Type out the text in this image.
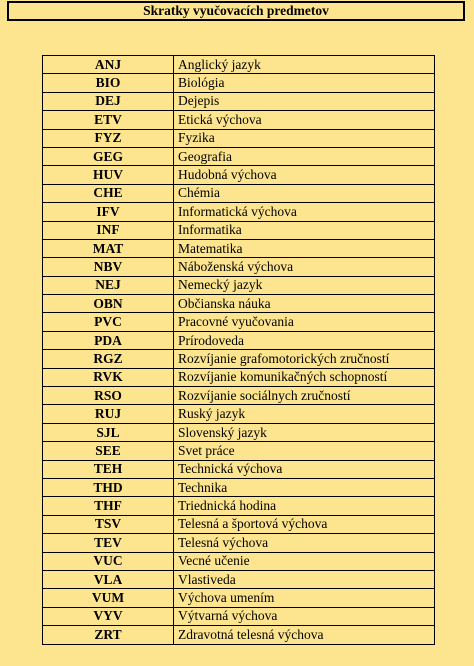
Skratky vyučovacích predmetov
ANJ	Anglický jazyk
BIO	Biológia
DEJ	Dejepis
ETV	Etická výchova
FYZ	Fyzika
GEG	Geografia
HUV	Hudobná výchova
CHE	Chémia
IFV	Informatická výchova
INF	Informatika
MAT	Matematika
NBV	Náboženská výchova
NEJ	Nemecký jazyk
OBN	Občianska náuka
PVC	Pracovné vyučovania
PDA	Prírodoveda
RGZ	Rozvíjanie grafomotorických zručností
RVK	Rozvíjanie komunikačných schopností
RSO	Rozvíjanie sociálnych zručností
RUJ	Ruský jazyk
SJL	Slovenský jazyk
SEE	Svet práce
TEH	Technická výchova
THD	Technika
THF	Triednická hodina
TSV	Telesná a športová výchova
TEV	Telesná výchova
VUC	Vecné učenie
VLA	Vlastiveda
VUM	Výchova umením
VYV	Výtvarná výchova
ZRT	Zdravotná telesná výchova
